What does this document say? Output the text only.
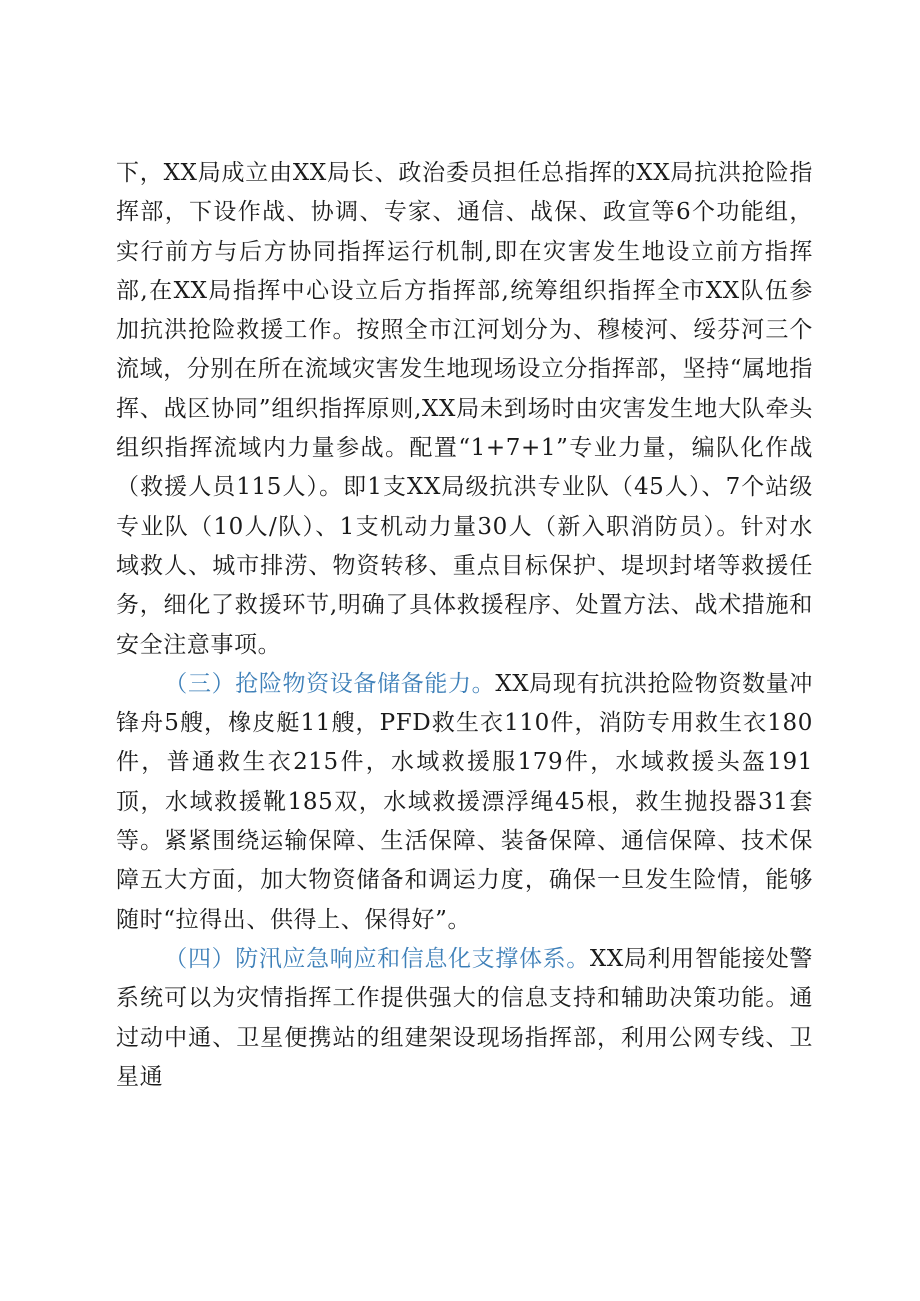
下，XX局成立由XX局长、政治委员担任总指挥的XX局抗洪抢险指挥部，下设作战、协调、专家、通信、战保、政宣等6个功能组，实行前方与后方协同指挥运行机制,即在灾害发生地设立前方指挥部,在XX局指挥中心设立后方指挥部,统筹组织指挥全市XX队伍参加抗洪抢险救援工作。按照全市江河划分为、穆棱河、绥芬河三个流域，分别在所在流域灾害发生地现场设立分指挥部，坚持“属地指挥、战区协同”组织指挥原则,XX局未到场时由灾害发生地大队牵头组织指挥流域内力量参战。配置“1+7+1”专业力量，编队化作战（救援人员115人）。即1支XX局级抗洪专业队（45人）、7个站级专业队（10人/队）、1支机动力量30人（新入职消防员）。针对水域救人、城市排涝、物资转移、重点目标保护、堤坝封堵等救援任务，细化了救援环节,明确了具体救援程序、处置方法、战术措施和安全注意事项。

（三）抢险物资设备储备能力。XX局现有抗洪抢险物资数量冲锋舟5艘，橡皮艇11艘，PFD救生衣110件，消防专用救生衣180件，普通救生衣215件，水域救援服179件，水域救援头盔191顶，水域救援靴185双，水域救援漂浮绳45根，救生抛投器31套等。紧紧围绕运输保障、生活保障、装备保障、通信保障、技术保障五大方面，加大物资储备和调运力度，确保一旦发生险情，能够随时“拉得出、供得上、保得好”。

（四）防汛应急响应和信息化支撑体系。XX局利用智能接处警系统可以为灾情指挥工作提供强大的信息支持和辅助决策功能。通过动中通、卫星便携站的组建架设现场指挥部，利用公网专线、卫星通
